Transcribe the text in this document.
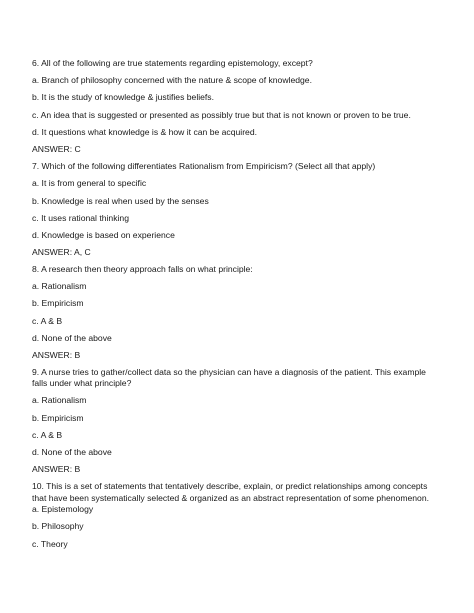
6. All of the following are true statements regarding epistemology, except?
a. Branch of philosophy concerned with the nature & scope of knowledge.
b. It is the study of knowledge & justifies beliefs.
c. An idea that is suggested or presented as possibly true but that is not known or proven to be true.
d. It questions what knowledge is & how it can be acquired.
ANSWER: C
7. Which of the following differentiates Rationalism from Empiricism? (Select all that apply)
a. It is from general to specific
b. Knowledge is real when used by the senses
c. It uses rational thinking
d. Knowledge is based on experience
ANSWER: A, C
8. A research then theory approach falls on what principle:
a. Rationalism
b. Empiricism
c. A & B
d. None of the above
ANSWER: B
9. A nurse tries to gather/collect data so the physician can have a diagnosis of the patient. This example
falls under what principle?
a. Rationalism
b. Empiricism
c. A & B
d. None of the above
ANSWER: B
10. This is a set of statements that tentatively describe, explain, or predict relationships among concepts
that have been systematically selected & organized as an abstract representation of some phenomenon.
a. Epistemology
b. Philosophy
c. Theory
